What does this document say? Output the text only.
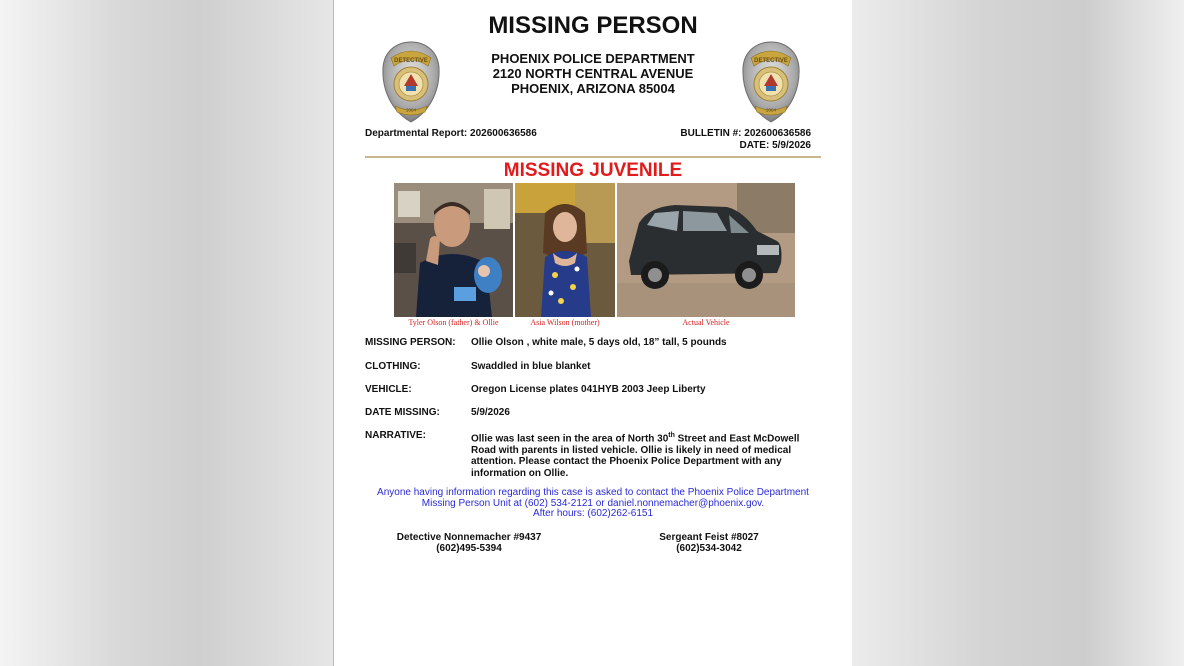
MISSING PERSON
DETECTIVE
2004
PHOENIX POLICE DEPARTMENT
2120 NORTH CENTRAL AVENUE
PHOENIX, ARIZONA 85004
DETECTIVE
2004
Departmental Report: 202600636586	BULLETIN #: 202600636586
DATE: 5/9/2026
MISSING JUVENILE
Tyler Olson (father) & Ollie	Asia Wilson (mother)	Actual Vehicle
MISSING PERSON: Ollie Olson , white male, 5 days old, 18” tall, 5 pounds
CLOTHING:	Swaddled in blue blanket
VEHICLE:	Oregon License plates 041HYB 2003 Jeep Liberty
DATE MISSING:	5/9/2026
NARRATIVE:	Ollie was last seen in the area of North 30th Street and East McDowell Road with parents in listed vehicle. Ollie is likely in need of medical attention. Please contact the Phoenix Police Department with any information on Ollie.
Anyone having information regarding this case is asked to contact the Phoenix Police Department
Missing Person Unit at (602) 534-2121 or daniel.nonnemacher@phoenix.gov.
After hours: (602)262-6151
Detective Nonnemacher #9437
(602)495-5394
Sergeant Feist #8027
(602)534-3042
